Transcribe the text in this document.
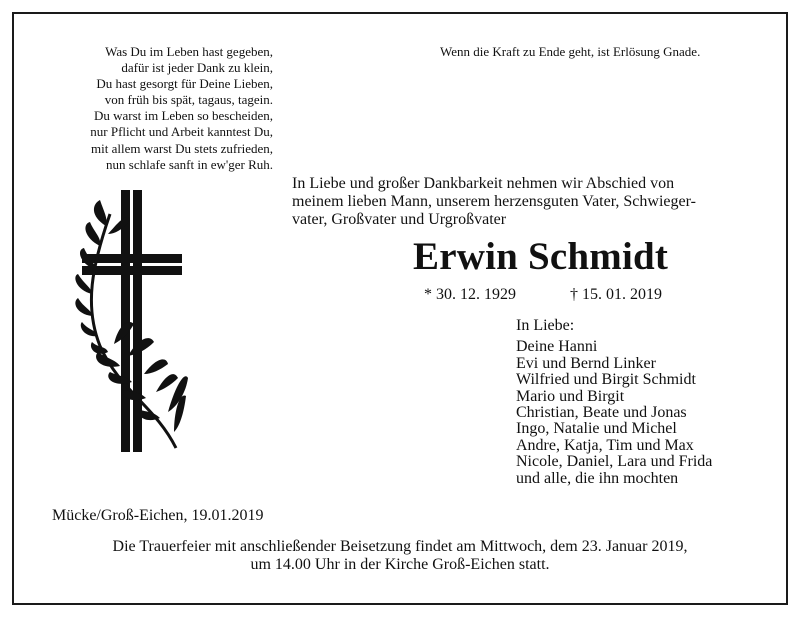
Was Du im Leben hast gegeben,
dafür ist jeder Dank zu klein,
Du hast gesorgt für Deine Lieben,
von früh bis spät, tagaus, tagein.
Du warst im Leben so bescheiden,
nur Pflicht und Arbeit kanntest Du,
mit allem warst Du stets zufrieden,
nun schlafe sanft in ew'ger Ruh.
Wenn die Kraft zu Ende geht, ist Erlösung Gnade.
In Liebe und großer Dankbarkeit nehmen wir Abschied von
meinem lieben Mann, unserem herzensguten Vater, Schwieger-
vater, Großvater und Urgroßvater
Erwin Schmidt
* 30. 12. 1929	† 15. 01. 2019
In Liebe:
Deine Hanni
Evi und Bernd Linker
Wilfried und Birgit Schmidt
Mario und Birgit
Christian, Beate und Jonas
Ingo, Natalie und Michel
Andre, Katja, Tim und Max
Nicole, Daniel, Lara und Frida
und alle, die ihn mochten
Mücke/Groß-Eichen, 19.01.2019
Die Trauerfeier mit anschließender Beisetzung findet am Mittwoch, dem 23. Januar 2019,
um 14.00 Uhr in der Kirche Groß-Eichen statt.
